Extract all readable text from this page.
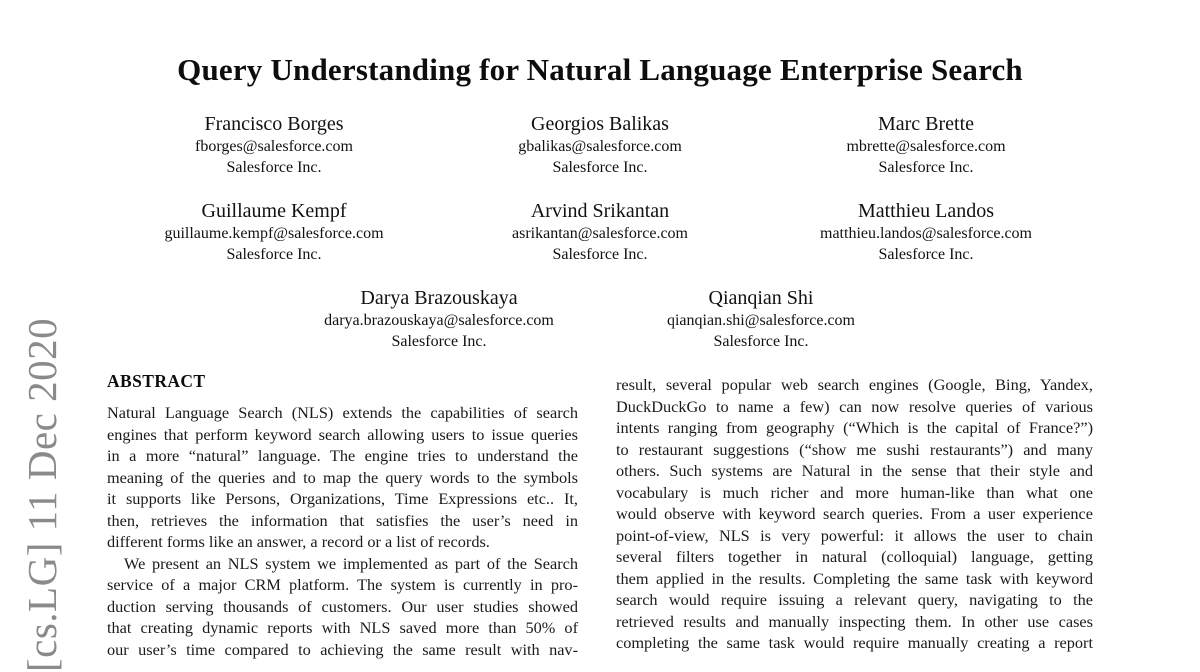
[cs.LG] 11 Dec 2020
Query Understanding for Natural Language Enterprise Search
Francisco Borges
fborges@salesforce.com
Salesforce Inc.
Georgios Balikas
gbalikas@salesforce.com
Salesforce Inc.
Marc Brette
mbrette@salesforce.com
Salesforce Inc.
Guillaume Kempf
guillaume.kempf@salesforce.com
Salesforce Inc.
Arvind Srikantan
asrikantan@salesforce.com
Salesforce Inc.
Matthieu Landos
matthieu.landos@salesforce.com
Salesforce Inc.
Darya Brazouskaya
darya.brazouskaya@salesforce.com
Salesforce Inc.
Qianqian Shi
qianqian.shi@salesforce.com
Salesforce Inc.
ABSTRACT
Natural Language Search (NLS) extends the capabilities of search
engines that perform keyword search allowing users to issue queries
in a more “natural” language. The engine tries to understand the
meaning of the queries and to map the query words to the symbols
it supports like Persons, Organizations, Time Expressions etc.. It,
then, retrieves the information that satisfies the user’s need in
different forms like an answer, a record or a list of records.
We present an NLS system we implemented as part of the Search
service of a major CRM platform. The system is currently in pro-
duction serving thousands of customers. Our user studies showed
that creating dynamic reports with NLS saved more than 50% of
our user’s time compared to achieving the same result with nav-
result, several popular web search engines (Google, Bing, Yandex,
DuckDuckGo to name a few) can now resolve queries of various
intents ranging from geography (“Which is the capital of France?”)
to restaurant suggestions (“show me sushi restaurants”) and many
others. Such systems are Natural in the sense that their style and
vocabulary is much richer and more human-like than what one
would observe with keyword search queries. From a user experience
point-of-view, NLS is very powerful: it allows the user to chain
several filters together in natural (colloquial) language, getting
them applied in the results. Completing the same task with keyword
search would require issuing a relevant query, navigating to the
retrieved results and manually inspecting them. In other use cases
completing the same task would require manually creating a report
